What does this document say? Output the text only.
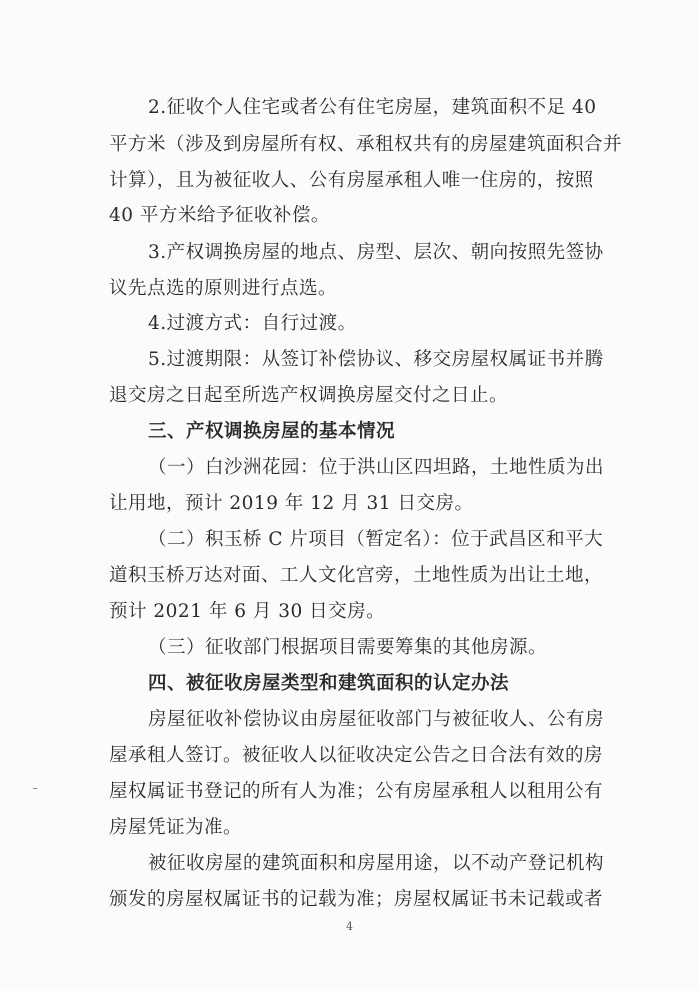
2.征收个人住宅或者公有住宅房屋，建筑面积不足 40
平方米（涉及到房屋所有权、承租权共有的房屋建筑面积合并
计算），且为被征收人、公有房屋承租人唯一住房的，按照
40 平方米给予征收补偿。
3.产权调换房屋的地点、房型、层次、朝向按照先签协
议先点选的原则进行点选。
4.过渡方式：自行过渡。
5.过渡期限：从签订补偿协议、移交房屋权属证书并腾
退交房之日起至所选产权调换房屋交付之日止。
三、产权调换房屋的基本情况
（一）白沙洲花园：位于洪山区四坦路，土地性质为出
让用地，预计 2019 年 12 月 31 日交房。
（二）积玉桥 C 片项目（暂定名）：位于武昌区和平大
道积玉桥万达对面、工人文化宫旁，土地性质为出让土地，
预计 2021 年 6 月 30 日交房。
（三）征收部门根据项目需要筹集的其他房源。
四、被征收房屋类型和建筑面积的认定办法
房屋征收补偿协议由房屋征收部门与被征收人、公有房
屋承租人签订。被征收人以征收决定公告之日合法有效的房
屋权属证书登记的所有人为准；公有房屋承租人以租用公有
房屋凭证为准。
被征收房屋的建筑面积和房屋用途，以不动产登记机构
颁发的房屋权属证书的记载为准；房屋权属证书未记载或者
4
